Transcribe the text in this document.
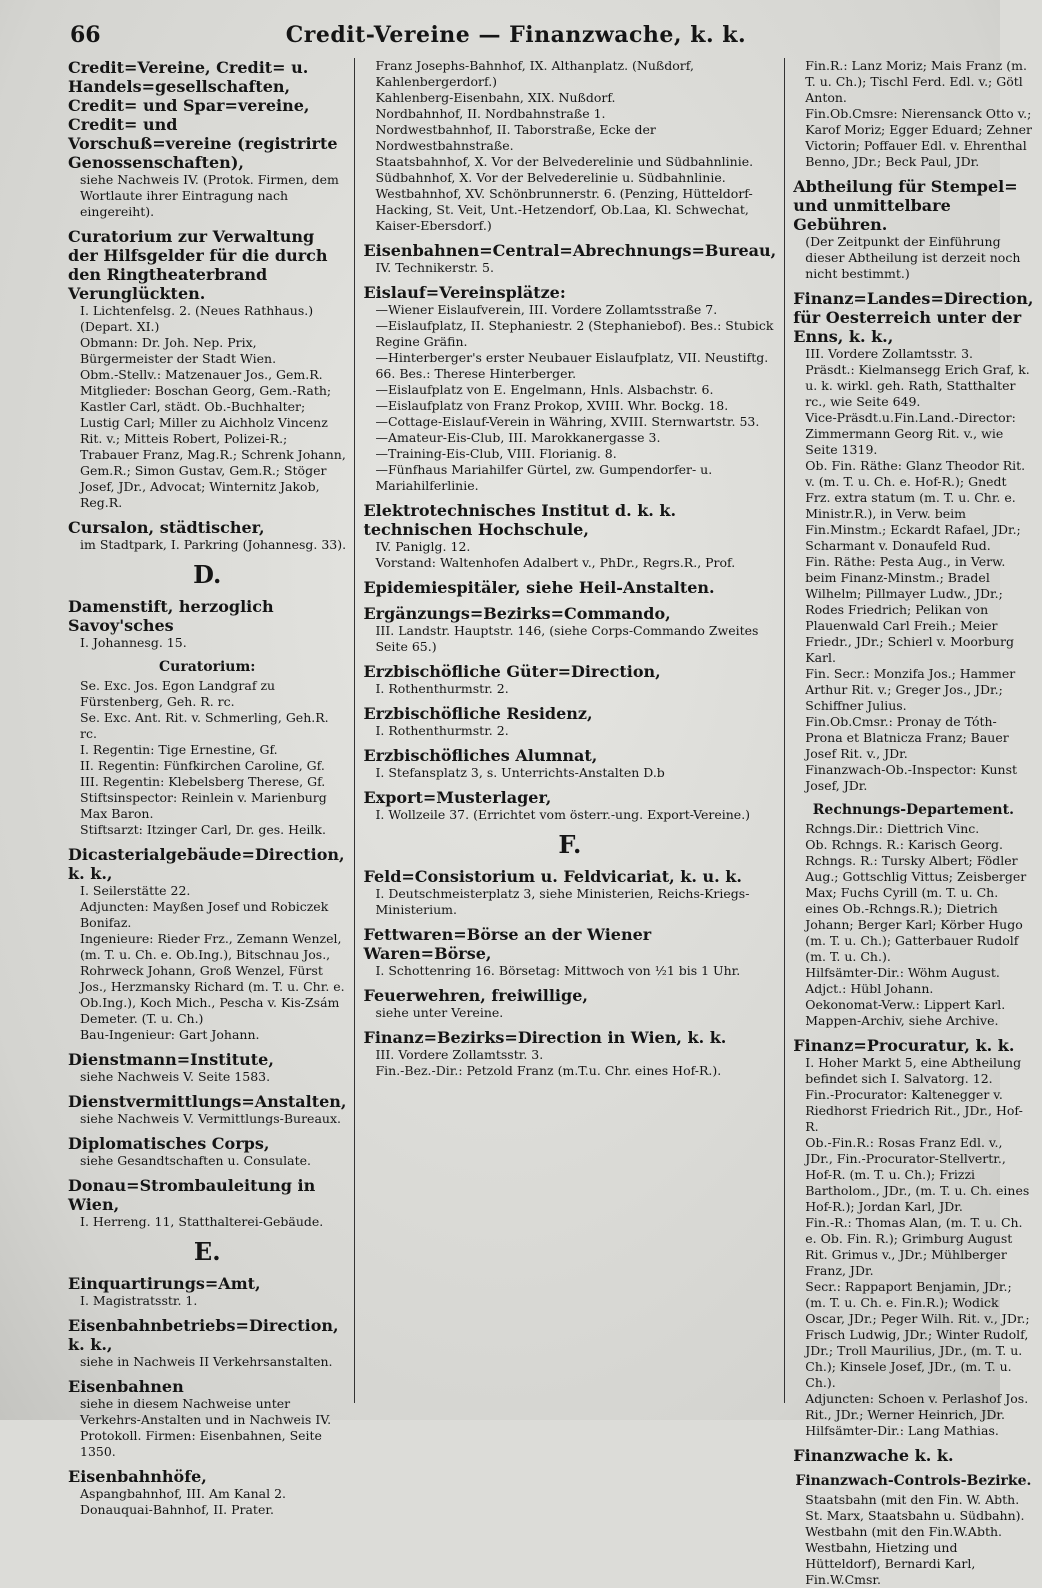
66	Credit-Vereine — Finanzwache, k. k.
Credit=Vereine, Credit= u. Handels=gesellschaften, Credit= und Spar=vereine, Credit= und Vorschuß=vereine (registrirte Genossenschaften),
siehe Nachweis IV. (Protok. Firmen, dem Wortlaute ihrer Eintragung nach eingereiht).
Curatorium zur Verwaltung der Hilfsgelder für die durch den Ringtheaterbrand Verunglückten.
I. Lichtenfelsg. 2. (Neues Rathhaus.) (Depart. XI.)
Obmann: Dr. Joh. Nep. Prix, Bürgermeister der Stadt Wien.
Obm.-Stellv.: Matzenauer Jos., Gem.R.
Mitglieder: Boschan Georg, Gem.-Rath; Kastler Carl, städt. Ob.-Buchhalter; Lustig Carl; Miller zu Aichholz Vincenz Rit. v.; Mitteis Robert, Polizei-R.; Trabauer Franz, Mag.R.; Schrenk Johann, Gem.R.; Simon Gustav, Gem.R.; Stöger Josef, JDr., Advocat; Winternitz Jakob, Reg.R.
Cursalon, städtischer,
im Stadtpark, I. Parkring (Johannesg. 33).
D.
Damenstift, herzoglich Savoy'sches
I. Johannesg. 15.
Curatorium:
Se. Exc. Jos. Egon Landgraf zu Fürstenberg, Geh. R. rc.
Se. Exc. Ant. Rit. v. Schmerling, Geh.R. rc.
I. Regentin: Tige Ernestine, Gf.
II. Regentin: Fünfkirchen Caroline, Gf.
III. Regentin: Klebelsberg Therese, Gf.
Stiftsinspector: Reinlein v. Marienburg Max Baron.
Stiftsarzt: Itzinger Carl, Dr. ges. Heilk.
Dicasterialgebäude=Direction, k. k.,
I. Seilerstätte 22.
Adjuncten: Mayßen Josef und Robiczek Bonifaz.
Ingenieure: Rieder Frz., Zemann Wenzel, (m. T. u. Ch. e. Ob.Ing.), Bitschnau Jos., Rohrweck Johann, Groß Wenzel, Fürst Jos., Herzmansky Richard (m. T. u. Chr. e. Ob.Ing.), Koch Mich., Pescha v. Kis-Zsám Demeter. (T. u. Ch.)
Bau-Ingenieur: Gart Johann.
Dienstmann=Institute,
siehe Nachweis V. Seite 1583.
Dienstvermittlungs=Anstalten,
siehe Nachweis V. Vermittlungs-Bureaux.
Diplomatisches Corps,
siehe Gesandtschaften u. Consulate.
Donau=Strombauleitung in Wien,
I. Herreng. 11, Statthalterei-Gebäude.
E.
Einquartirungs=Amt,
I. Magistratsstr. 1.
Eisenbahnbetriebs=Direction, k. k.,
siehe in Nachweis II Verkehrsanstalten.
Eisenbahnen
siehe in diesem Nachweise unter Verkehrs-Anstalten und in Nachweis IV. Protokoll. Firmen: Eisenbahnen, Seite 1350.
Eisenbahnhöfe,
Aspangbahnhof, III. Am Kanal 2.
Donauquai-Bahnhof, II. Prater.
Franz Josephs-Bahnhof, IX. Althanplatz. (Nußdorf, Kahlenbergerdorf.)
Kahlenberg-Eisenbahn, XIX. Nußdorf.
Nordbahnhof, II. Nordbahnstraße 1.
Nordwestbahnhof, II. Taborstraße, Ecke der Nordwestbahnstraße.
Staatsbahnhof, X. Vor der Belvederelinie und Südbahnlinie.
Südbahnhof, X. Vor der Belvederelinie u. Südbahnlinie.
Westbahnhof, XV. Schönbrunnerstr. 6. (Penzing, Hütteldorf-Hacking, St. Veit, Unt.-Hetzendorf, Ob.Laa, Kl. Schwechat, Kaiser-Ebersdorf.)
Eisenbahnen=Central=Abrechnungs=Bureau,
IV. Technikerstr. 5.
Eislauf=Vereinsplätze:
—Wiener Eislaufverein, III. Vordere Zollamtsstraße 7.
—Eislaufplatz, II. Stephaniestr. 2 (Stephaniebof). Bes.: Stubick Regine Gräfin.
—Hinterberger's erster Neubauer Eislaufplatz, VII. Neustiftg. 66. Bes.: Therese Hinterberger.
—Eislaufplatz von E. Engelmann, Hnls. Alsbachstr. 6.
—Eislaufplatz von Franz Prokop, XVIII. Whr. Bockg. 18.
—Cottage-Eislauf-Verein in Währing, XVIII. Sternwartstr. 53.
—Amateur-Eis-Club, III. Marokkanergasse 3.
—Training-Eis-Club, VIII. Florianig. 8.
—Fünfhaus Mariahilfer Gürtel, zw. Gumpendorfer- u. Mariahilferlinie.
Elektrotechnisches Institut d. k. k. technischen Hochschule,
IV. Paniglg. 12.
Vorstand: Waltenhofen Adalbert v., PhDr., Regrs.R., Prof.
Epidemiespitäler, siehe Heil-Anstalten.
Ergänzungs=Bezirks=Commando,
III. Landstr. Hauptstr. 146, (siehe Corps-Commando Zweites Seite 65.)
Erzbischöfliche Güter=Direction,
I. Rothenthurmstr. 2.
Erzbischöfliche Residenz,
I. Rothenthurmstr. 2.
Erzbischöfliches Alumnat,
I. Stefansplatz 3, s. Unterrichts-Anstalten D.b
Export=Musterlager,
I. Wollzeile 37. (Errichtet vom österr.-ung. Export-Vereine.)
F.
Feld=Consistorium u. Feldvicariat, k. u. k.
I. Deutschmeisterplatz 3, siehe Ministerien, Reichs-Kriegs-Ministerium.
Fettwaren=Börse an der Wiener Waren=Börse,
I. Schottenring 16. Börsetag: Mittwoch von ½1 bis 1 Uhr.
Feuerwehren, freiwillige,
siehe unter Vereine.
Finanz=Bezirks=Direction in Wien, k. k.
III. Vordere Zollamtsstr. 3.
Fin.-Bez.-Dir.: Petzold Franz (m.T.u. Chr. eines Hof-R.).
Fin.R.: Lanz Moriz; Mais Franz (m. T. u. Ch.); Tischl Ferd. Edl. v.; Götl Anton.
Fin.Ob.Cmsre: Nierensanck Otto v.; Karof Moriz; Egger Eduard; Zehner Victorin; Poffauer Edl. v. Ehrenthal Benno, JDr.; Beck Paul, JDr.
Abtheilung für Stempel= und unmittelbare Gebühren.
(Der Zeitpunkt der Einführung dieser Abtheilung ist derzeit noch nicht bestimmt.)
Finanz=Landes=Direction, für Oesterreich unter der Enns, k. k.,
III. Vordere Zollamtsstr. 3.
Präsdt.: Kielmansegg Erich Graf, k. u. k. wirkl. geh. Rath, Statthalter rc., wie Seite 649.
Vice-Präsdt.u.Fin.Land.-Director: Zimmermann Georg Rit. v., wie Seite 1319.
Ob. Fin. Räthe: Glanz Theodor Rit. v. (m. T. u. Ch. e. Hof-R.); Gnedt Frz. extra statum (m. T. u. Chr. e. Ministr.R.), in Verw. beim Fin.Minstm.; Eckardt Rafael, JDr.; Scharmant v. Donaufeld Rud.
Fin. Räthe: Pesta Aug., in Verw. beim Finanz-Minstm.; Bradel Wilhelm; Pillmayer Ludw., JDr.; Rodes Friedrich; Pelikan von Plauenwald Carl Freih.; Meier Friedr., JDr.; Schierl v. Moorburg Karl.
Fin. Secr.: Monzifa Jos.; Hammer Arthur Rit. v.; Greger Jos., JDr.; Schiffner Julius.
Fin.Ob.Cmsr.: Pronay de Tóth-Prona et Blatnicza Franz; Bauer Josef Rit. v., JDr.
Finanzwach-Ob.-Inspector: Kunst Josef, JDr.
Rechnungs-Departement.
Rchngs.Dir.: Diettrich Vinc.
Ob. Rchngs. R.: Karisch Georg.
Rchngs. R.: Tursky Albert; Födler Aug.; Gottschlig Vittus; Zeisberger Max; Fuchs Cyrill (m. T. u. Ch. eines Ob.-Rchngs.R.); Dietrich Johann; Berger Karl; Körber Hugo (m. T. u. Ch.); Gatterbauer Rudolf (m. T. u. Ch.).
Hilfsämter-Dir.: Wöhm August.
Adjct.: Hübl Johann.
Oekonomat-Verw.: Lippert Karl.
Mappen-Archiv, siehe Archive.
Finanz=Procuratur, k. k.
I. Hoher Markt 5, eine Abtheilung befindet sich I. Salvatorg. 12.
Fin.-Procurator: Kaltenegger v. Riedhorst Friedrich Rit., JDr., Hof-R.
Ob.-Fin.R.: Rosas Franz Edl. v., JDr., Fin.-Procurator-Stellvertr., Hof-R. (m. T. u. Ch.); Frizzi Bartholom., JDr., (m. T. u. Ch. eines Hof-R.); Jordan Karl, JDr.
Fin.-R.: Thomas Alan, (m. T. u. Ch. e. Ob. Fin. R.); Grimburg August Rit. Grimus v., JDr.; Mühlberger Franz, JDr.
Secr.: Rappaport Benjamin, JDr.; (m. T. u. Ch. e. Fin.R.); Wodick Oscar, JDr.; Peger Wilh. Rit. v., JDr.; Frisch Ludwig, JDr.; Winter Rudolf, JDr.; Troll Maurilius, JDr., (m. T. u. Ch.); Kinsele Josef, JDr., (m. T. u. Ch.).
Adjuncten: Schoen v. Perlashof Jos. Rit., JDr.; Werner Heinrich, JDr.
Hilfsämter-Dir.: Lang Mathias.
Finanzwache k. k.
Finanzwach-Controls-Bezirke.
Staatsbahn (mit den Fin. W. Abth. St. Marx, Staatsbahn u. Südbahn).
Westbahn (mit den Fin.W.Abth. Westbahn, Hietzing und Hütteldorf), Bernardi Karl, Fin.W.Cmsr.
